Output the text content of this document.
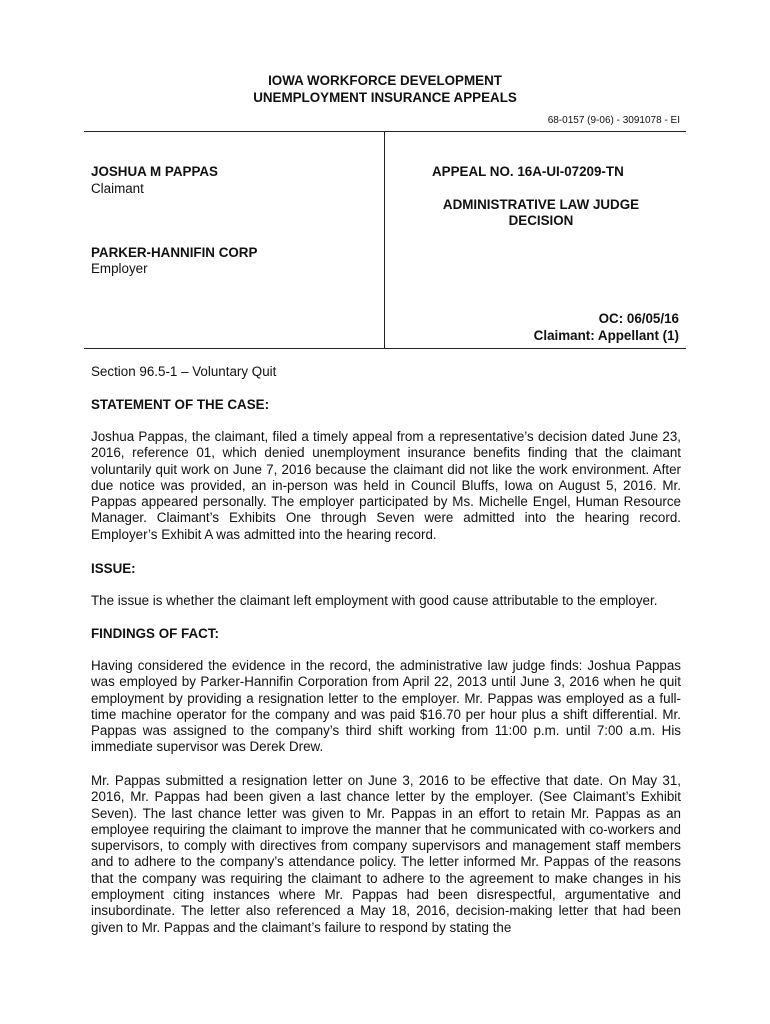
IOWA WORKFORCE DEVELOPMENT
UNEMPLOYMENT INSURANCE APPEALS
68-0157 (9-06) - 3091078 - EI
JOSHUA M PAPPAS
Claimant
PARKER-HANNIFIN CORP
Employer
APPEAL NO. 16A-UI-07209-TN
ADMINISTRATIVE LAW JUDGE
DECISION
OC: 06/05/16
Claimant: Appellant (1)
Section 96.5-1 – Voluntary Quit
STATEMENT OF THE CASE:

Joshua Pappas, the claimant, filed a timely appeal from a representative’s decision dated June 23, 2016, reference 01, which denied unemployment insurance benefits finding that the claimant voluntarily quit work on June 7, 2016 because the claimant did not like the work environment. After due notice was provided, an in-person was held in Council Bluffs, Iowa on August 5, 2016. Mr. Pappas appeared personally. The employer participated by Ms. Michelle Engel, Human Resource Manager. Claimant’s Exhibits One through Seven were admitted into the hearing record. Employer’s Exhibit A was admitted into the hearing record.

ISSUE:

The issue is whether the claimant left employment with good cause attributable to the employer.

FINDINGS OF FACT:

Having considered the evidence in the record, the administrative law judge finds: Joshua Pappas was employed by Parker-Hannifin Corporation from April 22, 2013 until June 3, 2016 when he quit employment by providing a resignation letter to the employer. Mr. Pappas was employed as a full-time machine operator for the company and was paid $16.70 per hour plus a shift differential. Mr. Pappas was assigned to the company’s third shift working from 11:00 p.m. until 7:00 a.m. His immediate supervisor was Derek Drew.

Mr. Pappas submitted a resignation letter on June 3, 2016 to be effective that date. On May 31, 2016, Mr. Pappas had been given a last chance letter by the employer. (See Claimant’s Exhibit Seven). The last chance letter was given to Mr. Pappas in an effort to retain Mr. Pappas as an employee requiring the claimant to improve the manner that he communicated with co-workers and supervisors, to comply with directives from company supervisors and management staff members and to adhere to the company’s attendance policy. The letter informed Mr. Pappas of the reasons that the company was requiring the claimant to adhere to the agreement to make changes in his employment citing instances where Mr. Pappas had been disrespectful, argumentative and insubordinate. The letter also referenced a May 18, 2016, decision-making letter that had been given to Mr. Pappas and the claimant’s failure to respond by stating the
